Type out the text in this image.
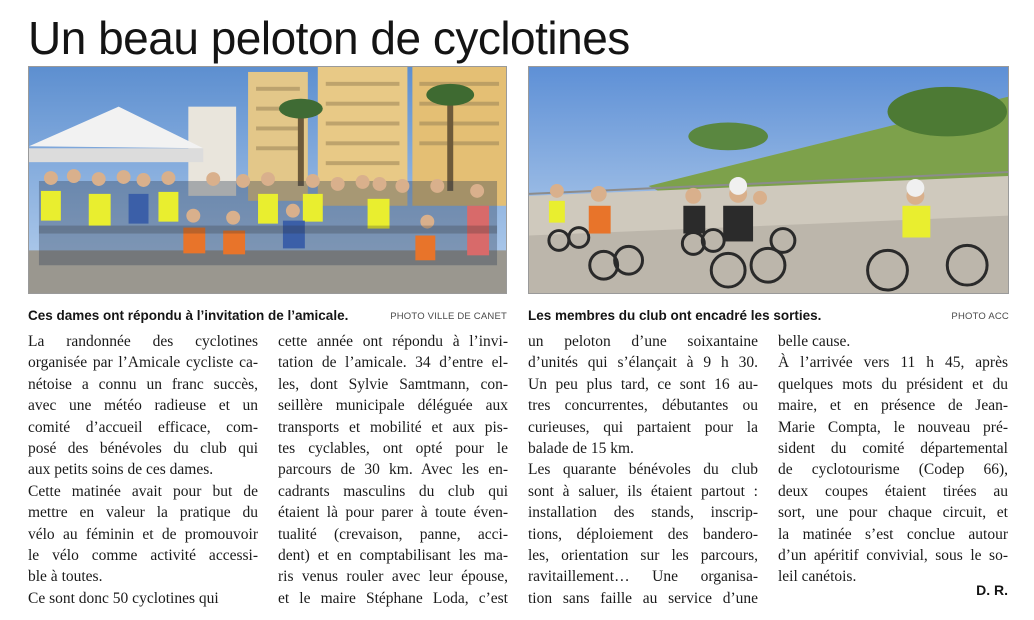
Un beau peloton de cyclotines
Ces dames ont répondu à l’invitation de l’amicale.	PHOTO VILLE DE CANET Les membres du club ont encadré les sorties.	PHOTO ACC
La randonnée des cyclotines
organisée par l’Amicale cycliste ca-
nétoise a connu un franc succès,
avec une météo radieuse et un
comité d’accueil efficace, com-
posé des bénévoles du club qui
aux petits soins de ces dames.
Cette matinée avait pour but de
mettre en valeur la pratique du
vélo au féminin et de promouvoir
le vélo comme activité accessi-
ble à toutes.
Ce sont donc 50 cyclotines qui
cette année ont répondu à l’invi-
tation de l’amicale. 34 d’entre el-
les, dont Sylvie Samtmann, con-
seillère municipale déléguée aux
transports et mobilité et aux pis-
tes cyclables, ont opté pour le
parcours de 30 km. Avec les en-
cadrants masculins du club qui
étaient là pour parer à toute éven-
tualité (crevaison, panne, acci-
dent) et en comptabilisant les ma-
ris venus rouler avec leur épouse,
et le maire Stéphane Loda, c’est
un peloton d’une soixantaine
d’unités qui s’élançait à 9 h 30.
Un peu plus tard, ce sont 16 au-
tres concurrentes, débutantes ou
curieuses, qui partaient pour la
balade de 15 km.
Les quarante bénévoles du club
sont à saluer, ils étaient partout :
installation des stands, inscrip-
tions, déploiement des bandero-
les, orientation sur les parcours,
ravitaillement… Une organisa-
tion sans faille au service d’une
belle cause.
À l’arrivée vers 11 h 45, après
quelques mots du président et du
maire, et en présence de Jean-
Marie Compta, le nouveau pré-
sident du comité départemental
de cyclotourisme (Codep 66),
deux coupes étaient tirées au
sort, une pour chaque circuit, et
la matinée s’est conclue autour
d’un apéritif convivial, sous le so-
leil canétois.
D. R.
